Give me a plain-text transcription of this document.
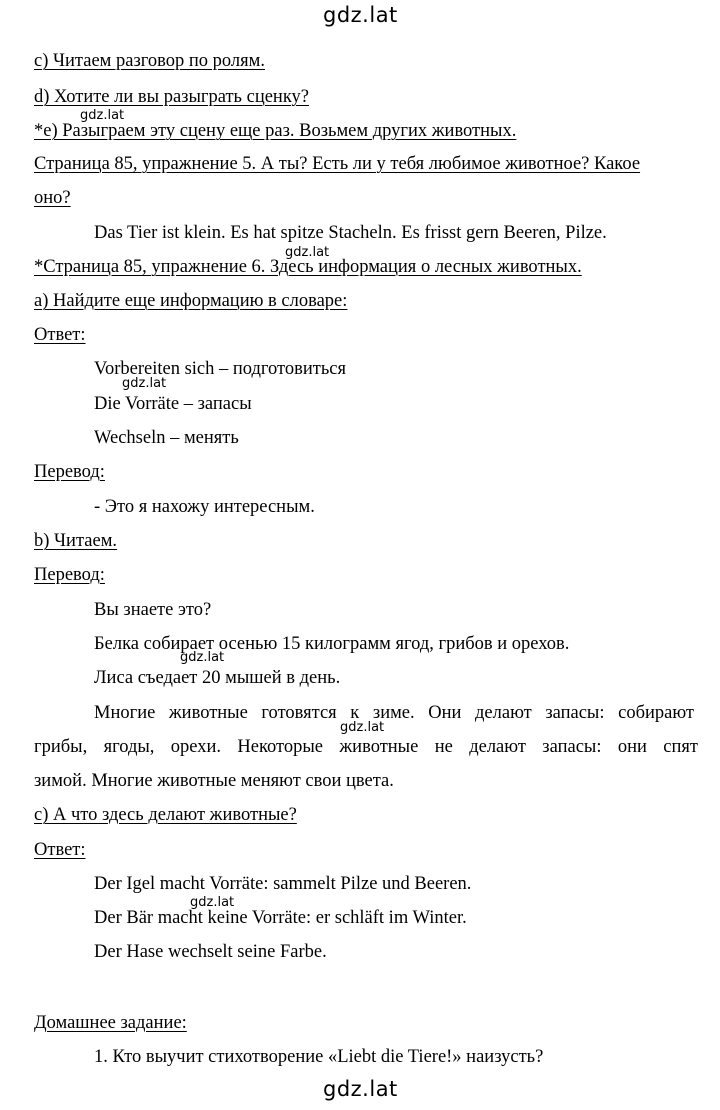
gdz.lat
gdz.lat
gdz.lat
gdz.lat
gdz.lat
gdz.lat
gdz.lat
gdz.lat
c) Читаем разговор по ролям.
d) Хотите ли вы разыграть сценку?
*e) Разыграем эту сцену еще раз. Возьмем других животных.
Страница 85, упражнение 5. А ты? Есть ли у тебя любимое животное? Какое
оно?
Das Tier ist klein. Es hat spitze Stacheln. Es frisst gern Beeren, Pilze.
*Страница 85, упражнение 6. Здесь информация о лесных животных.
а) Найдите еще информацию в словаре:
Ответ:
Vorbereiten sich – подготовиться
Die Vorräte – запасы
Wechseln – менять
Перевод:
- Это я нахожу интересным.
b) Читаем.
Перевод:
Вы знаете это?
Белка собирает осенью 15 килограмм ягод, грибов и орехов.
Лиса съедает 20 мышей в день.
Многие животные готовятся к зиме. Они делают запасы: собирают
грибы, ягоды, орехи. Некоторые животные не делают запасы: они спят
зимой. Многие животные меняют свои цвета.
с) А что здесь делают животные?
Ответ:
Der Igel macht Vorräte: sammelt Pilze und Beeren.
Der Bär macht keine Vorräte: er schläft im Winter.
Der Hase wechselt seine Farbe.
Домашнее задание:
1. Кто выучит стихотворение «Liebt die Tiere!» наизусть?
